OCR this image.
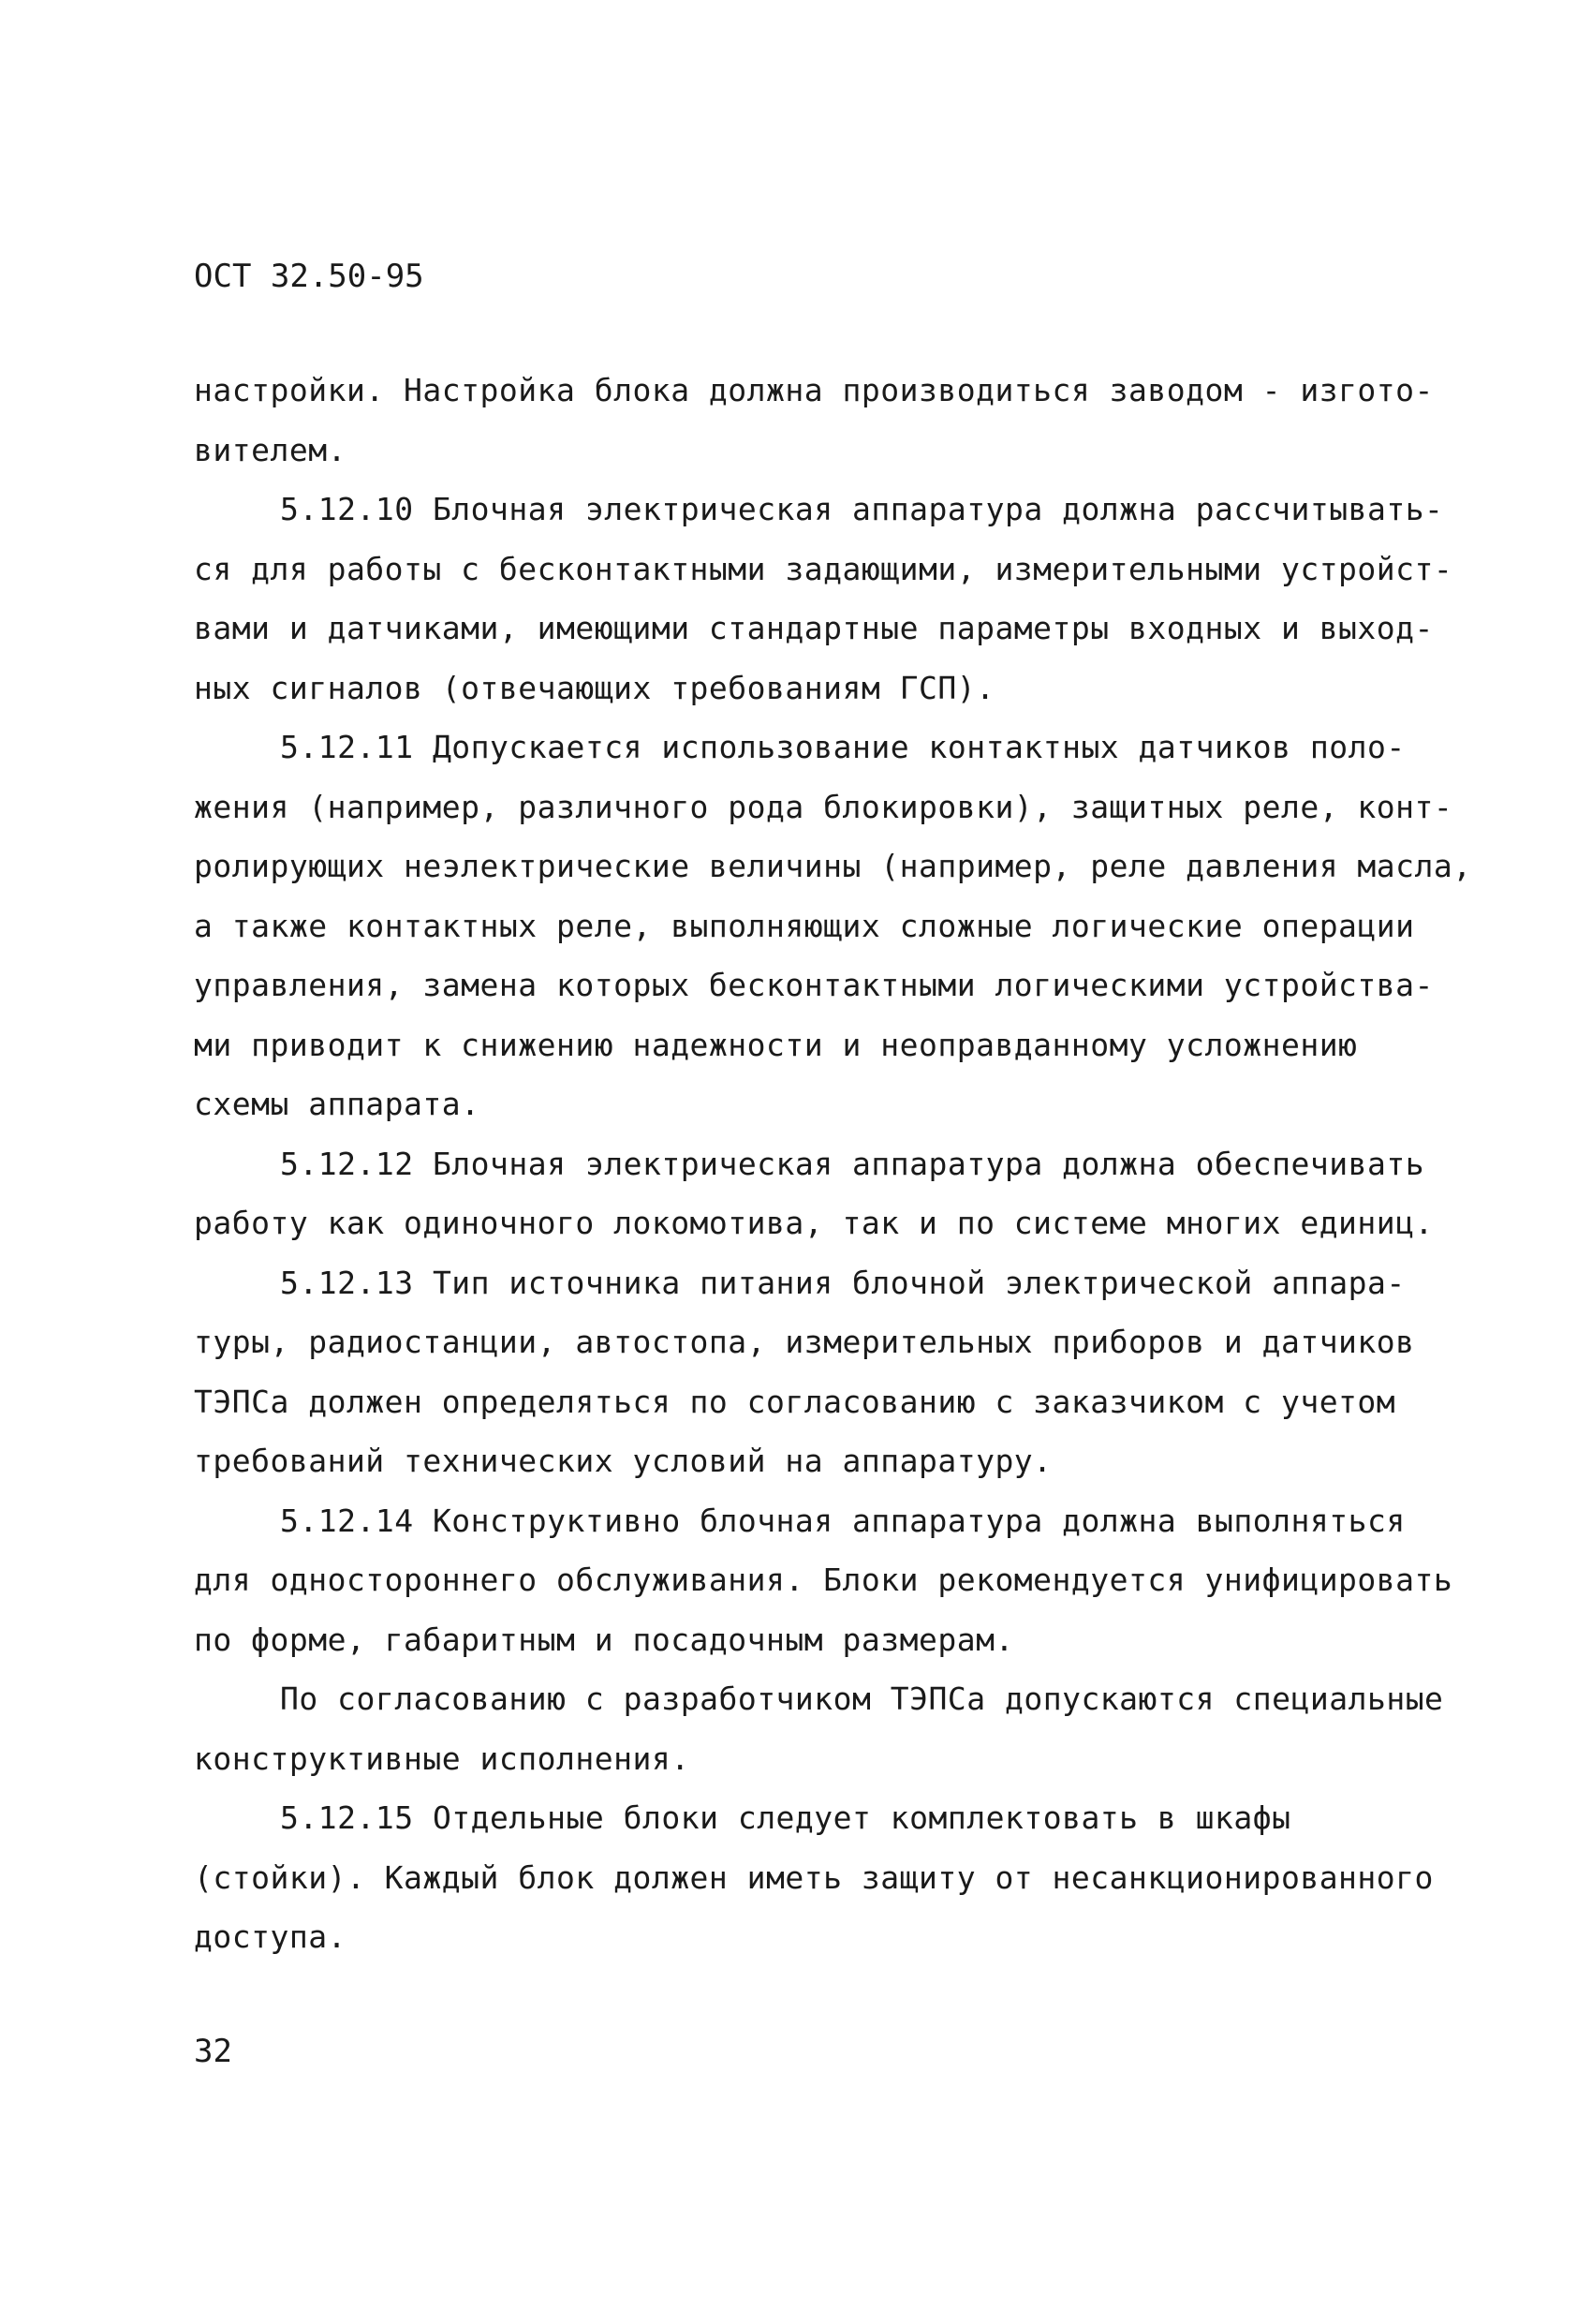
ОСТ 32.50-95
настройки. Настройка блока должна производиться заводом - изгото-
вителем.
5.12.10 Блочная электрическая аппаратура должна рассчитывать-
ся для работы с бесконтактными задающими, измерительными устройст-
вами и датчиками, имеющими стандартные параметры входных и выход-
ных сигналов (отвечающих требованиям ГСП).
5.12.11 Допускается использование контактных датчиков поло-
жения (например, различного рода блокировки), защитных реле, конт-
ролирующих неэлектрические величины (например, реле давления масла,
а также контактных реле, выполняющих сложные логические операции
управления, замена которых бесконтактными логическими устройства-
ми приводит к снижению надежности и неоправданному усложнению
схемы аппарата.
5.12.12 Блочная электрическая аппаратура должна обеспечивать
работу как одиночного локомотива, так и по системе многих единиц.
5.12.13 Тип источника питания блочной электрической аппара-
туры, радиостанции, автостопа, измерительных приборов и датчиков
ТЭПСа должен определяться по согласованию с заказчиком с учетом
требований технических условий на аппаратуру.
5.12.14 Конструктивно блочная аппаратура должна выполняться
для одностороннего обслуживания. Блоки рекомендуется унифицировать
по форме, габаритным и посадочным размерам.
По согласованию с разработчиком ТЭПСа допускаются специальные
конструктивные исполнения.
5.12.15 Отдельные блоки следует комплектовать в шкафы
(стойки). Каждый блок должен иметь защиту от несанкционированного
доступа.
32
